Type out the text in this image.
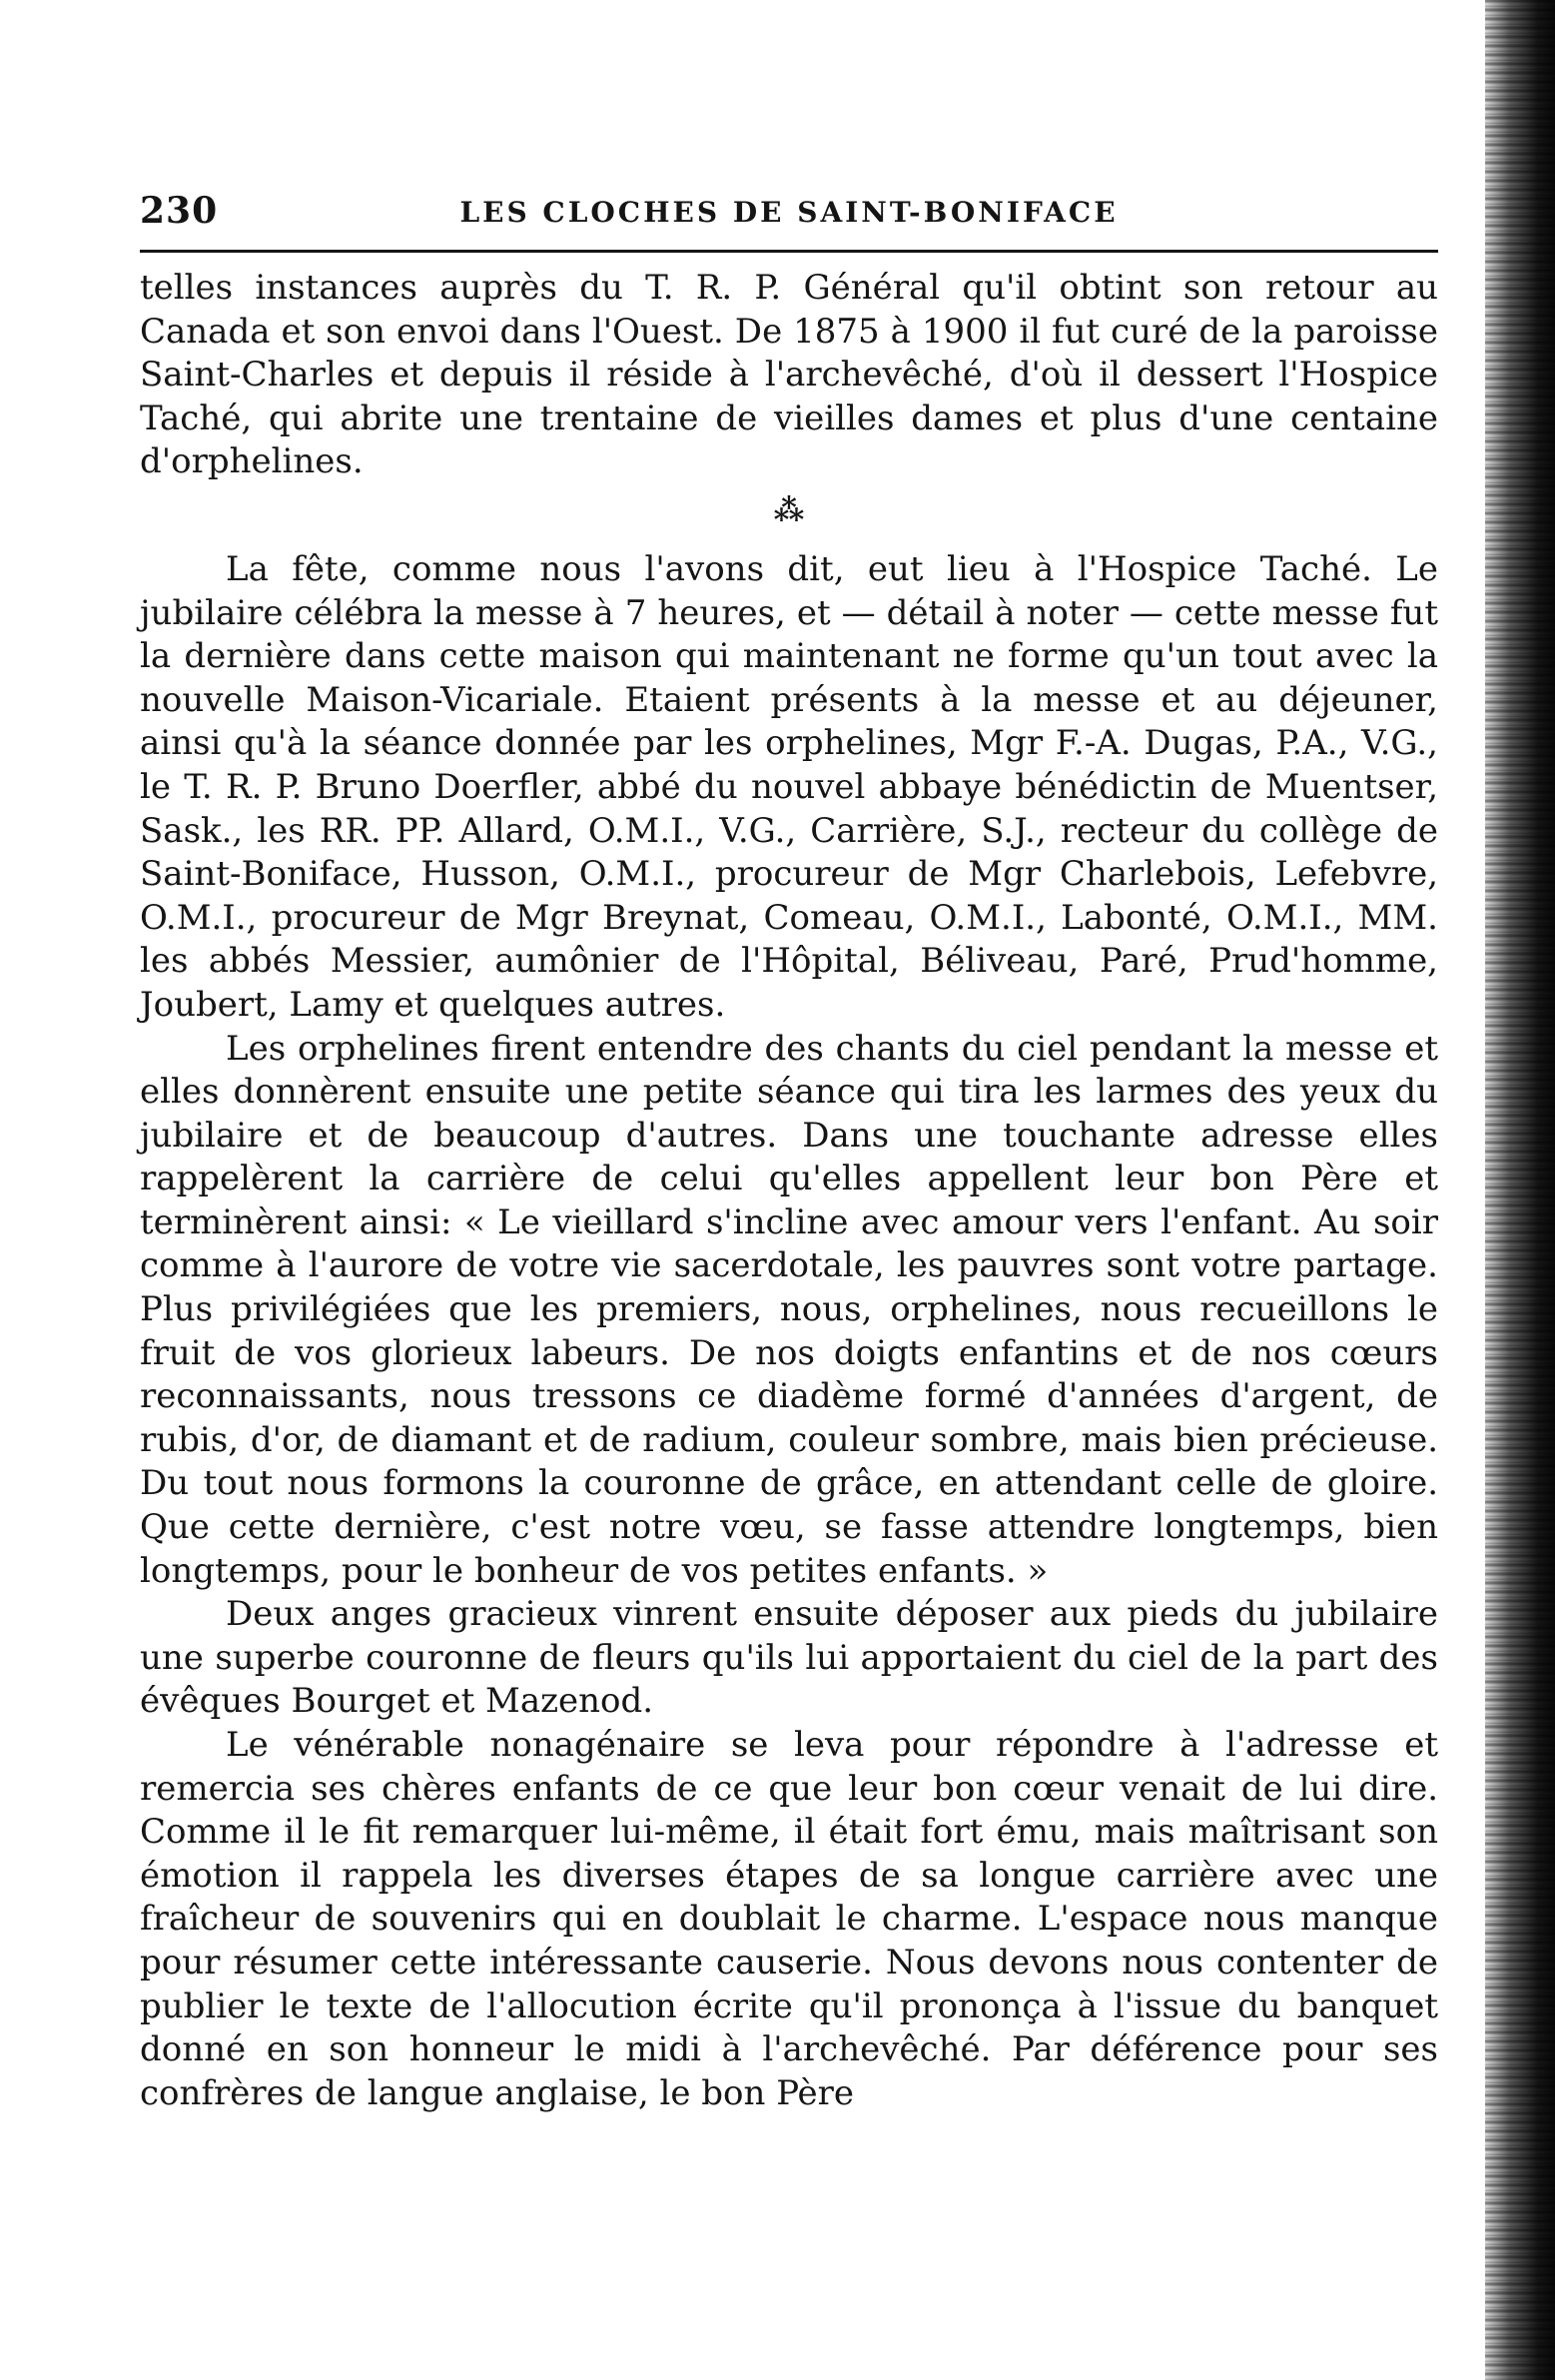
230	LES CLOCHES DE SAINT-BONIFACE

telles instances auprès du T. R. P. Général qu'il obtint son retour au Canada et son envoi dans l'Ouest. De 1875 à 1900 il fut curé de la paroisse Saint-Charles et depuis il réside à l'archevêché, d'où il dessert l'Hospice Taché, qui abrite une trentaine de vieilles dames et plus d'une centaine d'orphelines.

⁂

La fête, comme nous l'avons dit, eut lieu à l'Hospice Taché. Le jubilaire célébra la messe à 7 heures, et — détail à noter — cette messe fut la dernière dans cette maison qui maintenant ne forme qu'un tout avec la nouvelle Maison-Vicariale. Etaient présents à la messe et au déjeuner, ainsi qu'à la séance donnée par les orphelines, Mgr F.-A. Dugas, P.A., V.G., le T. R. P. Bruno Doerfler, abbé du nouvel abbaye bénédictin de Muentser, Sask., les RR. PP. Allard, O.M.I., V.G., Carrière, S.J., recteur du collège de Saint-Boniface, Husson, O.M.I., procureur de Mgr Charlebois, Lefebvre, O.M.I., procureur de Mgr Breynat, Comeau, O.M.I., Labonté, O.M.I., MM. les abbés Messier, aumônier de l'Hôpital, Béliveau, Paré, Prud'homme, Joubert, Lamy et quelques autres.

Les orphelines firent entendre des chants du ciel pendant la messe et elles donnèrent ensuite une petite séance qui tira les larmes des yeux du jubilaire et de beaucoup d'autres. Dans une touchante adresse elles rappelèrent la carrière de celui qu'elles appellent leur bon Père et terminèrent ainsi: « Le vieillard s'incline avec amour vers l'enfant. Au soir comme à l'aurore de votre vie sacerdotale, les pauvres sont votre partage. Plus privilégiées que les premiers, nous, orphelines, nous recueillons le fruit de vos glorieux labeurs. De nos doigts enfantins et de nos cœurs reconnaissants, nous tressons ce diadème formé d'années d'argent, de rubis, d'or, de diamant et de radium, couleur sombre, mais bien précieuse. Du tout nous formons la couronne de grâce, en attendant celle de gloire. Que cette dernière, c'est notre vœu, se fasse attendre longtemps, bien longtemps, pour le bonheur de vos petites enfants. »

Deux anges gracieux vinrent ensuite déposer aux pieds du jubilaire une superbe couronne de fleurs qu'ils lui apportaient du ciel de la part des évêques Bourget et Mazenod.

Le vénérable nonagénaire se leva pour répondre à l'adresse et remercia ses chères enfants de ce que leur bon cœur venait de lui dire. Comme il le fit remarquer lui-même, il était fort ému, mais maîtrisant son émotion il rappela les diverses étapes de sa longue carrière avec une fraîcheur de souvenirs qui en doublait le charme. L'espace nous manque pour résumer cette intéressante causerie. Nous devons nous contenter de publier le texte de l'allocution écrite qu'il prononça à l'issue du banquet donné en son honneur le midi à l'archevêché. Par déférence pour ses confrères de langue anglaise, le bon Père
